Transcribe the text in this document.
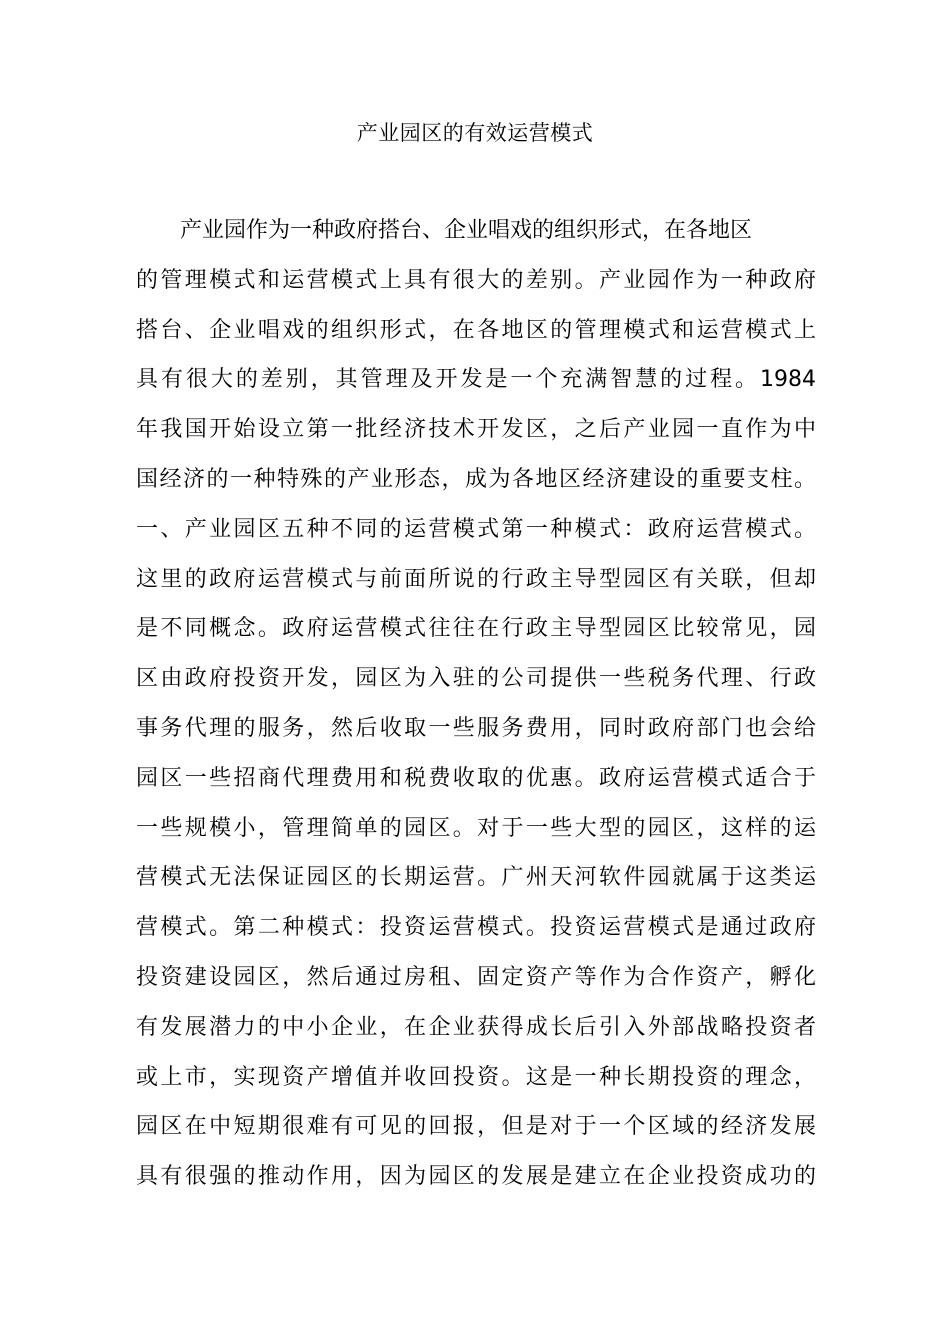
产业园区的有效运营模式
　　产业园作为一种政府搭台、企业唱戏的组织形式，在各地区
的管理模式和运营模式上具有很大的差别。产业园作为一种政府
搭台、企业唱戏的组织形式，在各地区的管理模式和运营模式上
具有很大的差别，其管理及开发是一个充满智慧的过程。1984
年我国开始设立第一批经济技术开发区，之后产业园一直作为中
国经济的一种特殊的产业形态，成为各地区经济建设的重要支柱。
一、产业园区五种不同的运营模式第一种模式：政府运营模式。
这里的政府运营模式与前面所说的行政主导型园区有关联，但却
是不同概念。政府运营模式往往在行政主导型园区比较常见，园
区由政府投资开发，园区为入驻的公司提供一些税务代理、行政
事务代理的服务，然后收取一些服务费用，同时政府部门也会给
园区一些招商代理费用和税费收取的优惠。政府运营模式适合于
一些规模小，管理简单的园区。对于一些大型的园区，这样的运
营模式无法保证园区的长期运营。广州天河软件园就属于这类运
营模式。第二种模式：投资运营模式。投资运营模式是通过政府
投资建设园区，然后通过房租、固定资产等作为合作资产，孵化
有发展潜力的中小企业，在企业获得成长后引入外部战略投资者
或上市，实现资产增值并收回投资。这是一种长期投资的理念，
园区在中短期很难有可见的回报，但是对于一个区域的经济发展
具有很强的推动作用，因为园区的发展是建立在企业投资成功的
